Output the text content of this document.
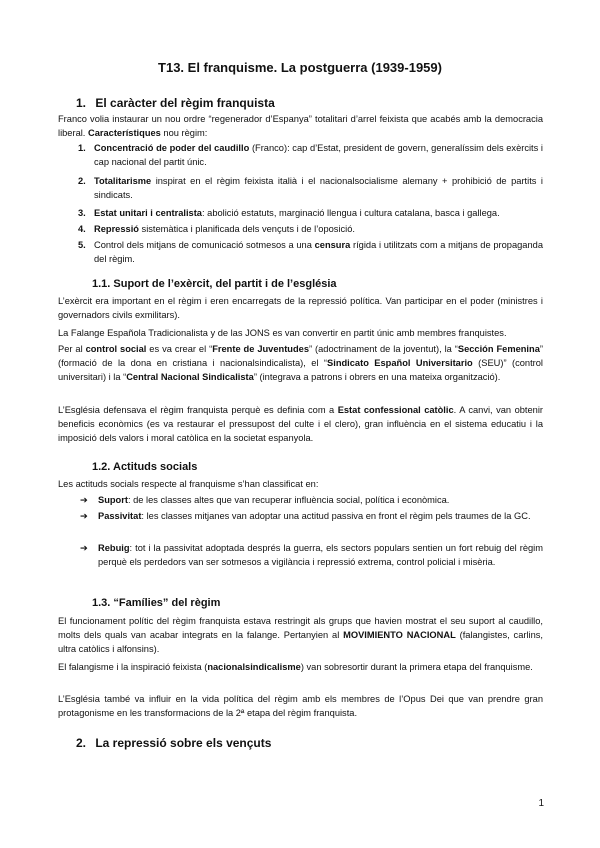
T13. El franquisme. La postguerra (1939-1959)
1. El caràcter del règim franquista
Franco volia instaurar un nou ordre “regenerador d’Espanya” totalitari d’arrel feixista que acabés amb la democracia liberal. Característiques nou règim:
1. Concentració de poder del caudillo (Franco): cap d’Estat, president de govern, generalíssim dels exèrcits i cap nacional del partit únic.
2. Totalitarisme inspirat en el règim feixista italià i el nacionalsocialisme alemany + prohibició de partits i sindicats.
3. Estat unitari i centralista: abolició estatuts, marginació llengua i cultura catalana, basca i gallega.
4. Repressió sistemàtica i planificada dels vençuts i de l’oposició.
5. Control dels mitjans de comunicació sotmesos a una censura rígida i utilitzats com a mitjans de propaganda del règim.
1.1. Suport de l’exèrcit, del partit i de l’església
L’exèrcit era important en el règim i eren encarregats de la repressió política. Van participar en el poder (ministres i governadors civils exmilitars).
La Falange Española Tradicionalista y de las JONS es van convertir en partit únic amb membres franquistes.
Per al control social es va crear el “Frente de Juventudes” (adoctrinament de la joventut), la “Sección Femenina” (formació de la dona en cristiana i nacionalsindicalista), el “Sindicato Español Universitario (SEU)” (control universitari) i la “Central Nacional Sindicalista” (integrava a patrons i obrers en una mateixa organització).
L’Església defensava el règim franquista perquè es definia com a Estat confessional catòlic. A canvi, van obtenir beneficis econòmics (es va restaurar el pressupost del culte i el clero), gran influència en el sistema educatiu i la imposició dels valors i moral catòlica en la societat espanyola.
1.2. Actituds socials
Les actituds socials respecte al franquisme s’han classificat en:
➔ Suport: de les classes altes que van recuperar influència social, política i econòmica.
➔ Passivitat: les classes mitjanes van adoptar una actitud passiva en front el règim pels traumes de la GC.
➔ Rebuig: tot i la passivitat adoptada després la guerra, els sectors populars sentien un fort rebuig del règim perquè els perdedors van ser sotmesos a vigilància i repressió extrema, control policial i misèria.
1.3. “Famílies” del règim
El funcionament polític del règim franquista estava restringit als grups que havien mostrat el seu suport al caudillo, molts dels quals van acabar integrats en la falange. Pertanyien al MOVIMIENTO NACIONAL (falangistes, carlins, ultra catòlics i alfonsins).
El falangisme i la inspiració feixista (nacionalsindicalisme) van sobresortir durant la primera etapa del franquisme.
L’Església també va influir en la vida política del règim amb els membres de l’Opus Dei que van prendre gran protagonisme en les transformacions de la 2ª etapa del règim franquista.
2. La repressió sobre els vençuts
1
